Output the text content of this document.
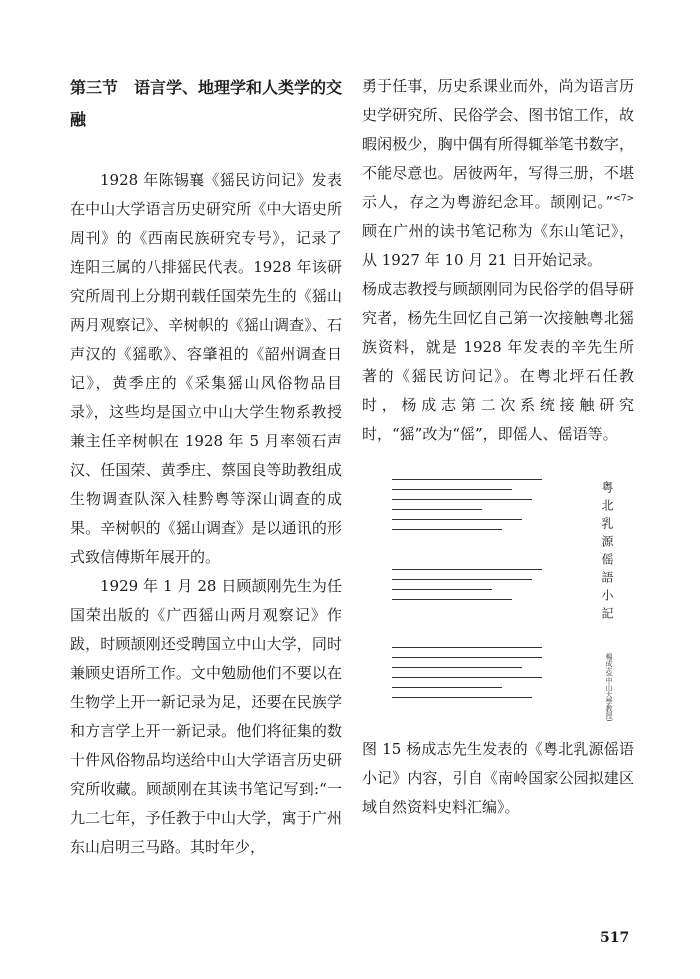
第三节　语言学、地理学和人类学的交融

1928 年陈锡襄《猺民访问记》发表在中山大学语言历史研究所《中大语史所周刊》的《西南民族研究专号》，记录了连阳三属的八排猺民代表。1928 年该研究所周刊上分期刊载任国荣先生的《猺山两月观察记》、辛树帜的《猺山调查》、石声汉的《猺歌》、容肇祖的《韶州调查日记》，黄季庄的《采集猺山风俗物品目录》，这些均是国立中山大学生物系教授兼主任辛树帜在 1928 年 5 月率领石声汉、任国荣、黄季庄、蔡国良等助教组成生物调查队深入桂黔粤等深山调查的成果。辛树帜的《猺山调查》是以通讯的形式致信傅斯年展开的。

1929 年 1 月 28 日顾颉刚先生为任国荣出版的《广西猺山两月观察记》作跋，时顾颉刚还受聘国立中山大学，同时兼顾史语所工作。文中勉励他们不要以在生物学上开一新记录为足，还要在民族学和方言学上开一新记录。他们将征集的数十件风俗物品均送给中山大学语言历史研究所收藏。顾颉刚在其读书笔记写到:“一九二七年，予任教于中山大学，寓于广州东山启明三马路。其时年少，

勇于任事，历史系课业而外，尚为语言历史学研究所、民俗学会、图书馆工作，故暇闲极少，胸中偶有所得辄举笔书数字，不能尽意也。居彼两年，写得三册，不堪示人，存之为粤游纪念耳。颉刚记。”$^{<7>}$ 顾在广州的读书笔记称为《东山笔记》，从 1927 年 10 月 21 日开始记录。

杨成志教授与顾颉刚同为民俗学的倡导研究者，杨先生回忆自己第一次接触粤北猺族资料，就是 1928 年发表的辛先生所著的《猺民访问记》。在粤北坪石任教时，杨成志第二次系统接触研究时，“猺”改为“傜”，即傜人、傜语等。

粤北乳源傜語小記
楊成志(中山大學教授)

图 15 杨成志先生发表的《粤北乳源傜语小记》内容，引自《南岭国家公园拟建区域自然资料史料汇编》。

517
